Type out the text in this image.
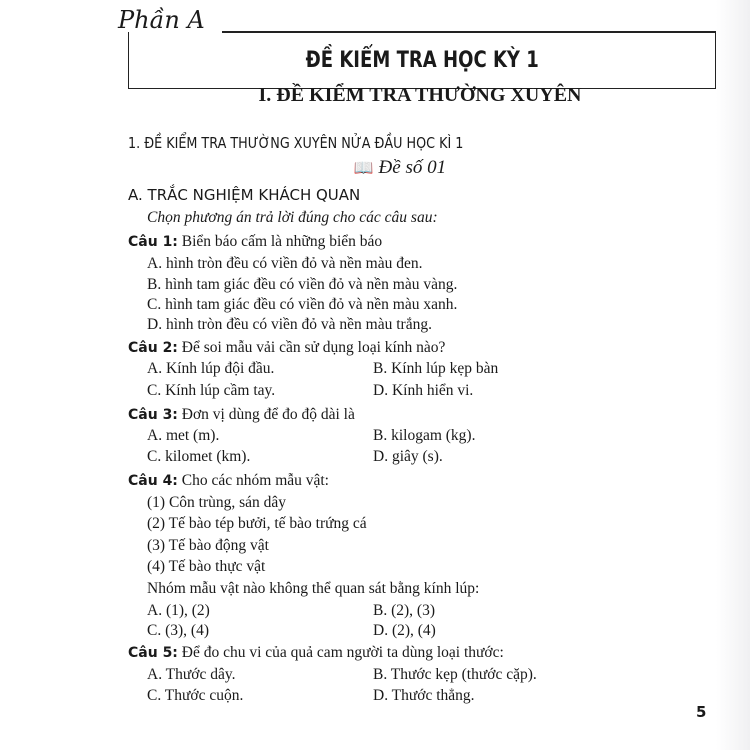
Phần A
ĐỀ KIỂM TRA HỌC KỲ 1
I. ĐỀ KIỂM TRA THƯỜNG XUYÊN
1. ĐỀ KIỂM TRA THƯỜNG XUYÊN NỬA ĐẦU HỌC KÌ 1
📖 Đề số 01
A. TRẮC NGHIỆM KHÁCH QUAN
Chọn phương án trả lời đúng cho các câu sau:
Câu 1: Biển báo cấm là những biển báo
A. hình tròn đều có viền đỏ và nền màu đen.
B. hình tam giác đều có viền đỏ và nền màu vàng.
C. hình tam giác đều có viền đỏ và nền màu xanh.
D. hình tròn đều có viền đỏ và nền màu trắng.
Câu 2: Để soi mẫu vải cần sử dụng loại kính nào?
A. Kính lúp đội đầu.	B. Kính lúp kẹp bàn
C. Kính lúp cầm tay.	D. Kính hiển vi.
Câu 3: Đơn vị dùng để đo độ dài là
A. met (m).	B. kilogam (kg).
C. kilomet (km).	D. giây (s).
Câu 4: Cho các nhóm mẫu vật:
(1) Côn trùng, sán dây
(2) Tế bào tép bưởi, tế bào trứng cá
(3) Tế bào động vật
(4) Tế bào thực vật
Nhóm mẫu vật nào không thể quan sát bằng kính lúp:
A. (1), (2)	B. (2), (3)
C. (3), (4)	D. (2), (4)
Câu 5: Để đo chu vi của quả cam người ta dùng loại thước:
A. Thước dây.	B. Thước kẹp (thước cặp).
C. Thước cuộn.	D. Thước thẳng.
5
